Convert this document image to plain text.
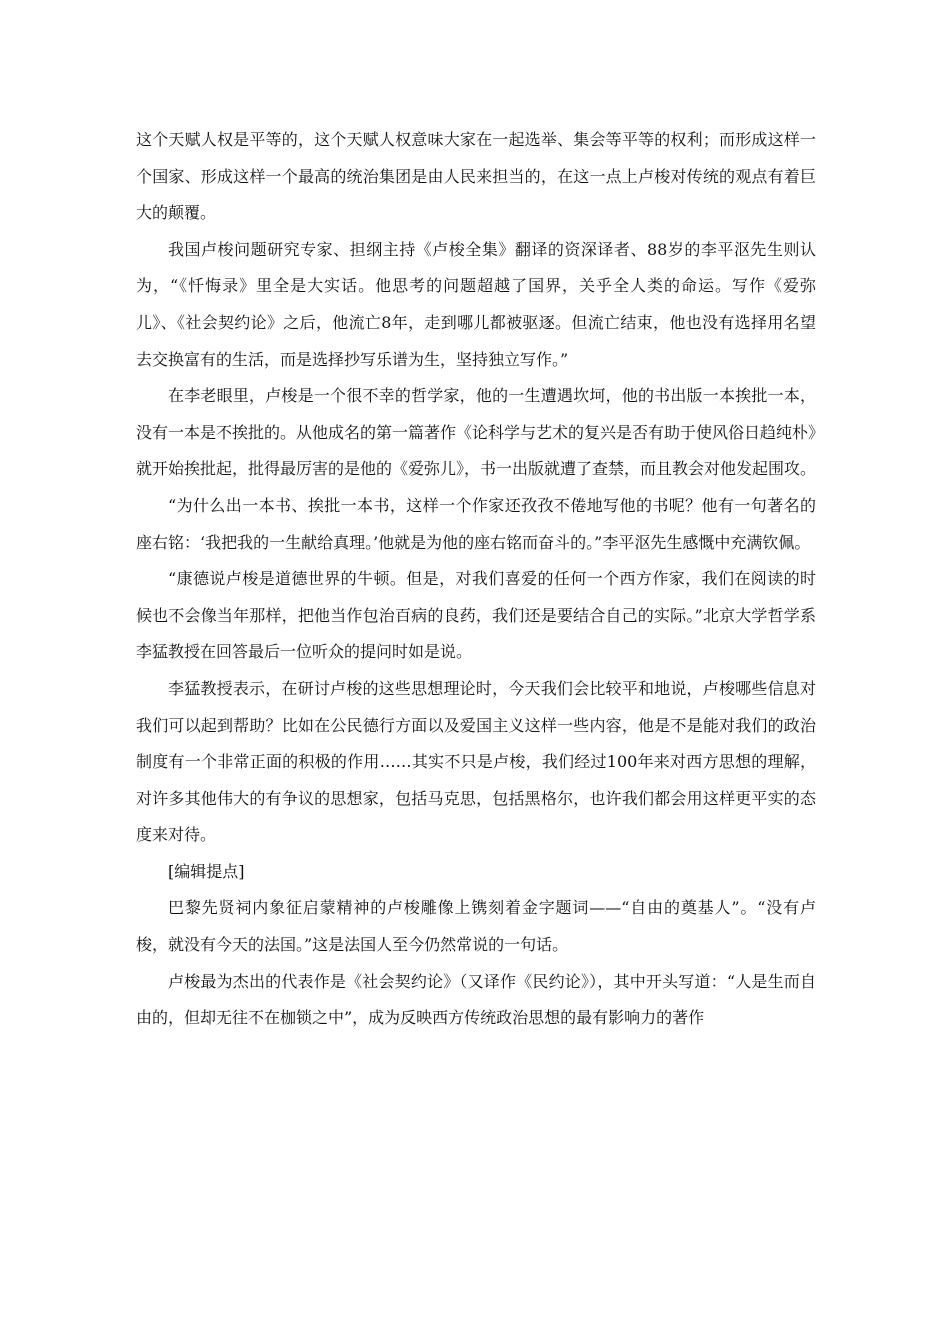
这个天赋人权是平等的，这个天赋人权意味大家在一起选举、集会等平等的权利；而形成这样一个国家、形成这样一个最高的统治集团是由人民来担当的，在这一点上卢梭对传统的观点有着巨大的颠覆。

我国卢梭问题研究专家、担纲主持《卢梭全集》翻译的资深译者、88岁的李平沤先生则认为，“《忏悔录》里全是大实话。他思考的问题超越了国界，关乎全人类的命运。写作《爱弥儿》、《社会契约论》之后，他流亡8年，走到哪儿都被驱逐。但流亡结束，他也没有选择用名望去交换富有的生活，而是选择抄写乐谱为生，坚持独立写作。”

在李老眼里，卢梭是一个很不幸的哲学家，他的一生遭遇坎坷，他的书出版一本挨批一本，没有一本是不挨批的。从他成名的第一篇著作《论科学与艺术的复兴是否有助于使风俗日趋纯朴》就开始挨批起，批得最厉害的是他的《爱弥儿》，书一出版就遭了查禁，而且教会对他发起围攻。

“为什么出一本书、挨批一本书，这样一个作家还孜孜不倦地写他的书呢？他有一句著名的座右铭：‘我把我的一生献给真理。’他就是为他的座右铭而奋斗的。”李平沤先生感慨中充满钦佩。

“康德说卢梭是道德世界的牛顿。但是，对我们喜爱的任何一个西方作家，我们在阅读的时候也不会像当年那样，把他当作包治百病的良药，我们还是要结合自己的实际。”北京大学哲学系李猛教授在回答最后一位听众的提问时如是说。

李猛教授表示，在研讨卢梭的这些思想理论时，今天我们会比较平和地说，卢梭哪些信息对我们可以起到帮助？比如在公民德行方面以及爱国主义这样一些内容，他是不是能对我们的政治制度有一个非常正面的积极的作用……其实不只是卢梭，我们经过100年来对西方思想的理解，对许多其他伟大的有争议的思想家，包括马克思，包括黑格尔，也许我们都会用这样更平实的态度来对待。

[编辑提点]

巴黎先贤祠内象征启蒙精神的卢梭雕像上镌刻着金字题词——“自由的奠基人”。“没有卢梭，就没有今天的法国。”这是法国人至今仍然常说的一句话。

卢梭最为杰出的代表作是《社会契约论》（又译作《民约论》），其中开头写道：“人是生而自由的，但却无往不在枷锁之中”，成为反映西方传统政治思想的最有影响力的著作
